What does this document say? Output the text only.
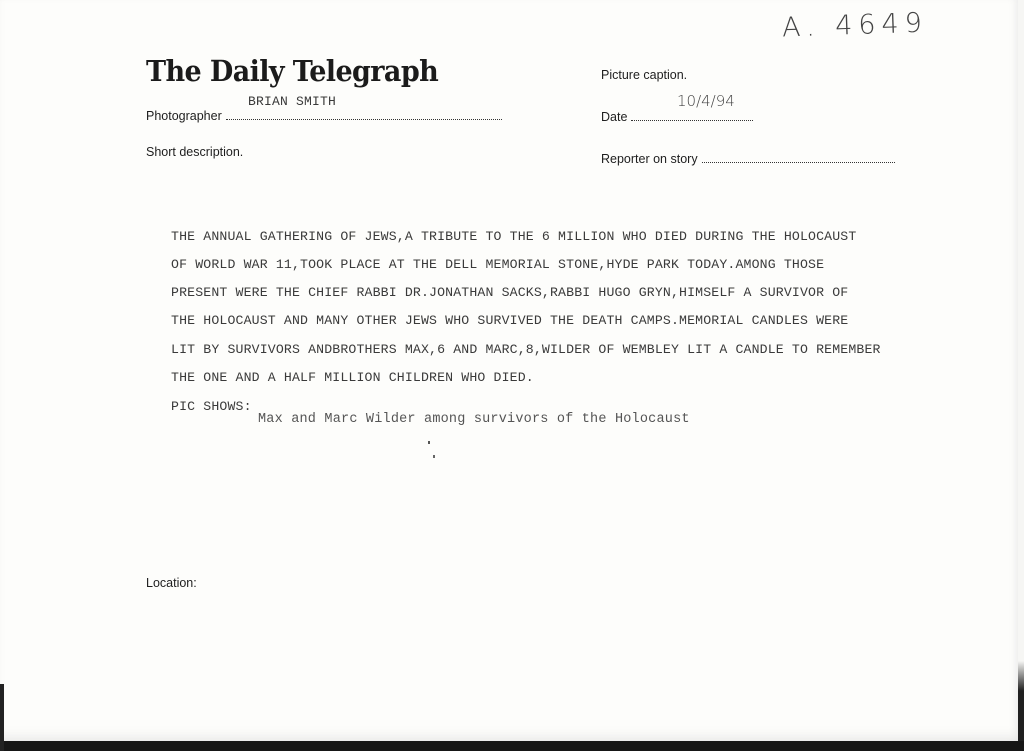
A. 4649
The Daily Telegraph
BRIAN SMITH
Photographer
Short description.
Picture caption.
10/4/94
Date
Reporter on story
THE ANNUAL GATHERING OF JEWS,A TRIBUTE TO THE 6 MILLION WHO DIED DURING THE HOLOCAUST
OF WORLD WAR 11,TOOK PLACE AT THE DELL MEMORIAL STONE,HYDE PARK TODAY.AMONG THOSE
PRESENT WERE THE CHIEF RABBI DR.JONATHAN SACKS,RABBI HUGO GRYN,HIMSELF A SURVIVOR OF
THE HOLOCAUST AND MANY OTHER JEWS WHO SURVIVED THE DEATH CAMPS.MEMORIAL CANDLES WERE
LIT BY SURVIVORS ANDBROTHERS MAX,6 AND MARC,8,WILDER OF WEMBLEY LIT A CANDLE TO REMEMBER
THE ONE AND A HALF MILLION CHILDREN WHO DIED.
PIC SHOWS:
Max and Marc Wilder among survivors of the Holocaust
Location:
